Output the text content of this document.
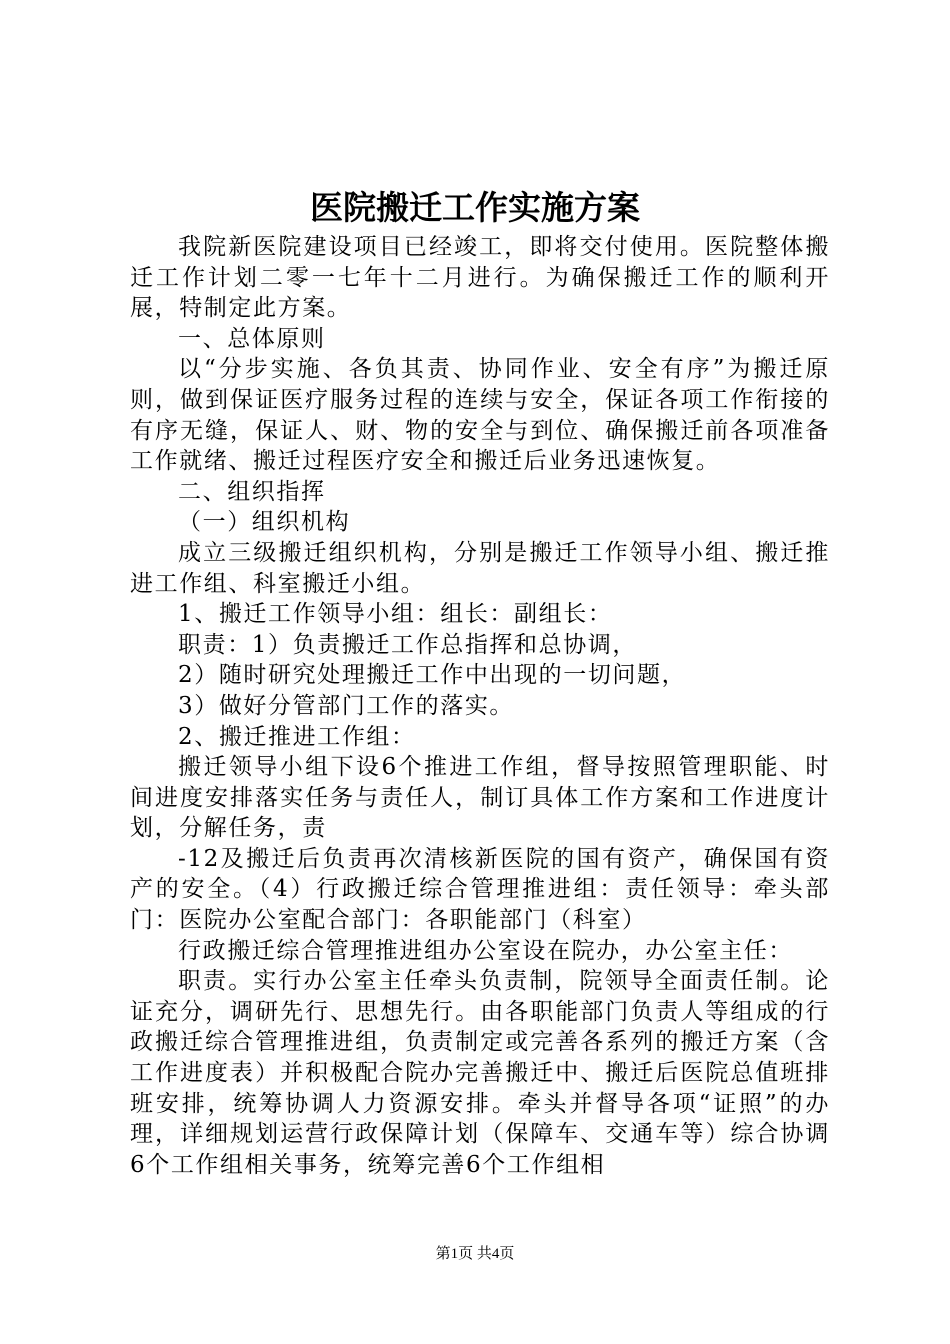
医院搬迁工作实施方案

我院新医院建设项目已经竣工，即将交付使用。医院整体搬迁工作计划二零一七年十二月进行。为确保搬迁工作的顺利开展，特制定此方案。

一、总体原则

以“分步实施、各负其责、协同作业、安全有序”为搬迁原则，做到保证医疗服务过程的连续与安全，保证各项工作衔接的有序无缝，保证人、财、物的安全与到位、确保搬迁前各项准备工作就绪、搬迁过程医疗安全和搬迁后业务迅速恢复。

二、组织指挥

（一）组织机构

成立三级搬迁组织机构，分别是搬迁工作领导小组、搬迁推进工作组、科室搬迁小组。

1、搬迁工作领导小组：组长：副组长：

职责：1）负责搬迁工作总指挥和总协调，

2）随时研究处理搬迁工作中出现的一切问题，

3）做好分管部门工作的落实。

2、搬迁推进工作组：

搬迁领导小组下设6个推进工作组，督导按照管理职能、时间进度安排落实任务与责任人，制订具体工作方案和工作进度计划，分解任务，责

-12及搬迁后负责再次清核新医院的国有资产，确保国有资产的安全。（4）行政搬迁综合管理推进组：责任领导：牵头部门：医院办公室配合部门：各职能部门（科室）

行政搬迁综合管理推进组办公室设在院办，办公室主任：

职责。实行办公室主任牵头负责制，院领导全面责任制。论证充分，调研先行、思想先行。由各职能部门负责人等组成的行政搬迁综合管理推进组，负责制定或完善各系列的搬迁方案（含工作进度表）并积极配合院办完善搬迁中、搬迁后医院总值班排班安排，统筹协调人力资源安排。牵头并督导各项“证照”的办理，详细规划运营行政保障计划（保障车、交通车等）综合协调6个工作组相关事务，统筹完善6个工作组相

第1页 共4页
